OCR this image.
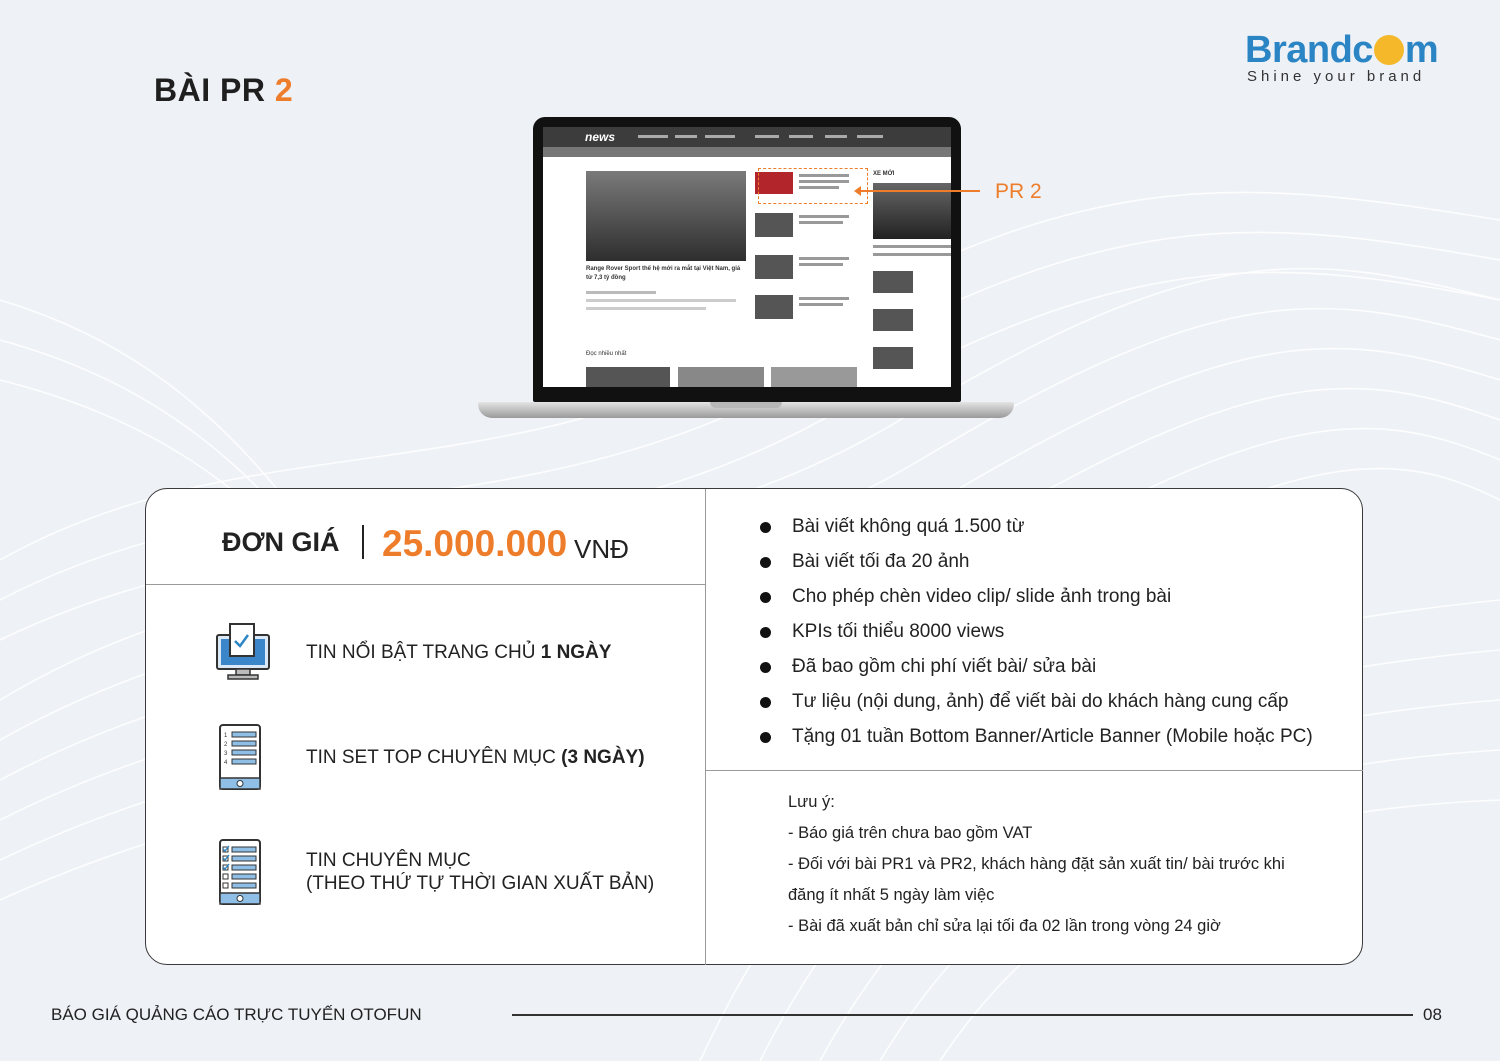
BÀI PR 2
Brandc m
Shine your brand
news
Range Rover Sport thế hệ mới ra mắt tại Việt Nam, giá từ 7,3 tỷ đồng
XE MỚI
Đọc nhiều nhất
PR 2
ĐƠN GIÁ 25.000.000 VNĐ
TIN NỔI BẬT TRANG CHỦ 1 NGÀY
1
2
3
4	TIN SET TOP CHUYÊN MỤC (3 NGÀY)
TIN CHUYÊN MỤC
(THEO THỨ TỰ THỜI GIAN XUẤT BẢN)
Bài viết không quá 1.500 từ
Bài viết tối đa 20 ảnh
Cho phép chèn video clip/ slide ảnh trong bài
KPIs tối thiểu 8000 views
Đã bao gồm chi phí viết bài/ sửa bài
Tư liệu (nội dung, ảnh) để viết bài do khách hàng cung cấp
Tặng 01 tuần Bottom Banner/Article Banner (Mobile hoặc PC)
Lưu ý:
- Báo giá trên chưa bao gồm VAT
- Đối với bài PR1 và PR2, khách hàng đặt sản xuất tin/ bài trước khi
đăng ít nhất 5 ngày làm việc
- Bài đã xuất bản chỉ sửa lại tối đa 02 lần trong vòng 24 giờ
BÁO GIÁ QUẢNG CÁO TRỰC TUYẾN OTOFUN	08
